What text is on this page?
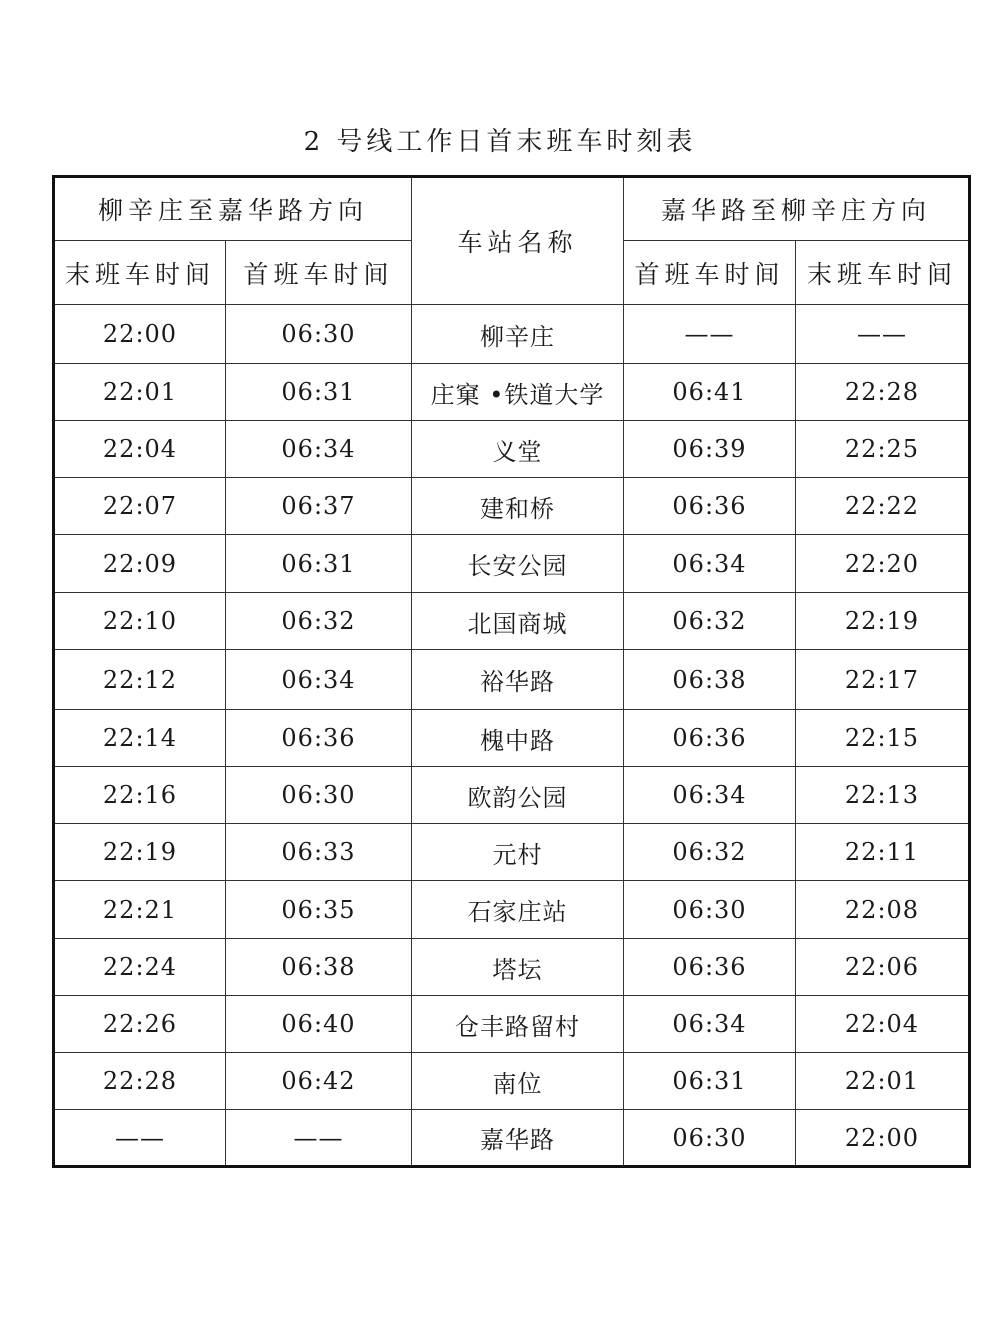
2 号线工作日首末班车时刻表
柳辛庄至嘉华路方向		车站名称	嘉华路至柳辛庄方向	
末班车时间	首班车时间		首班车时间	末班车时间
22:00	06:30	柳辛庄	——	——
22:01	06:31	庄窠 •铁道大学	06:41	22:28
22:04	06:34	义堂	06:39	22:25
22:07	06:37	建和桥	06:36	22:22
22:09	06:31	长安公园	06:34	22:20
22:10	06:32	北国商城	06:32	22:19
22:12	06:34	裕华路	06:38	22:17
22:14	06:36	槐中路	06:36	22:15
22:16	06:30	欧韵公园	06:34	22:13
22:19	06:33	元村	06:32	22:11
22:21	06:35	石家庄站	06:30	22:08
22:24	06:38	塔坛	06:36	22:06
22:26	06:40	仓丰路留村	06:34	22:04
22:28	06:42	南位	06:31	22:01
——	——	嘉华路	06:30	22:00
